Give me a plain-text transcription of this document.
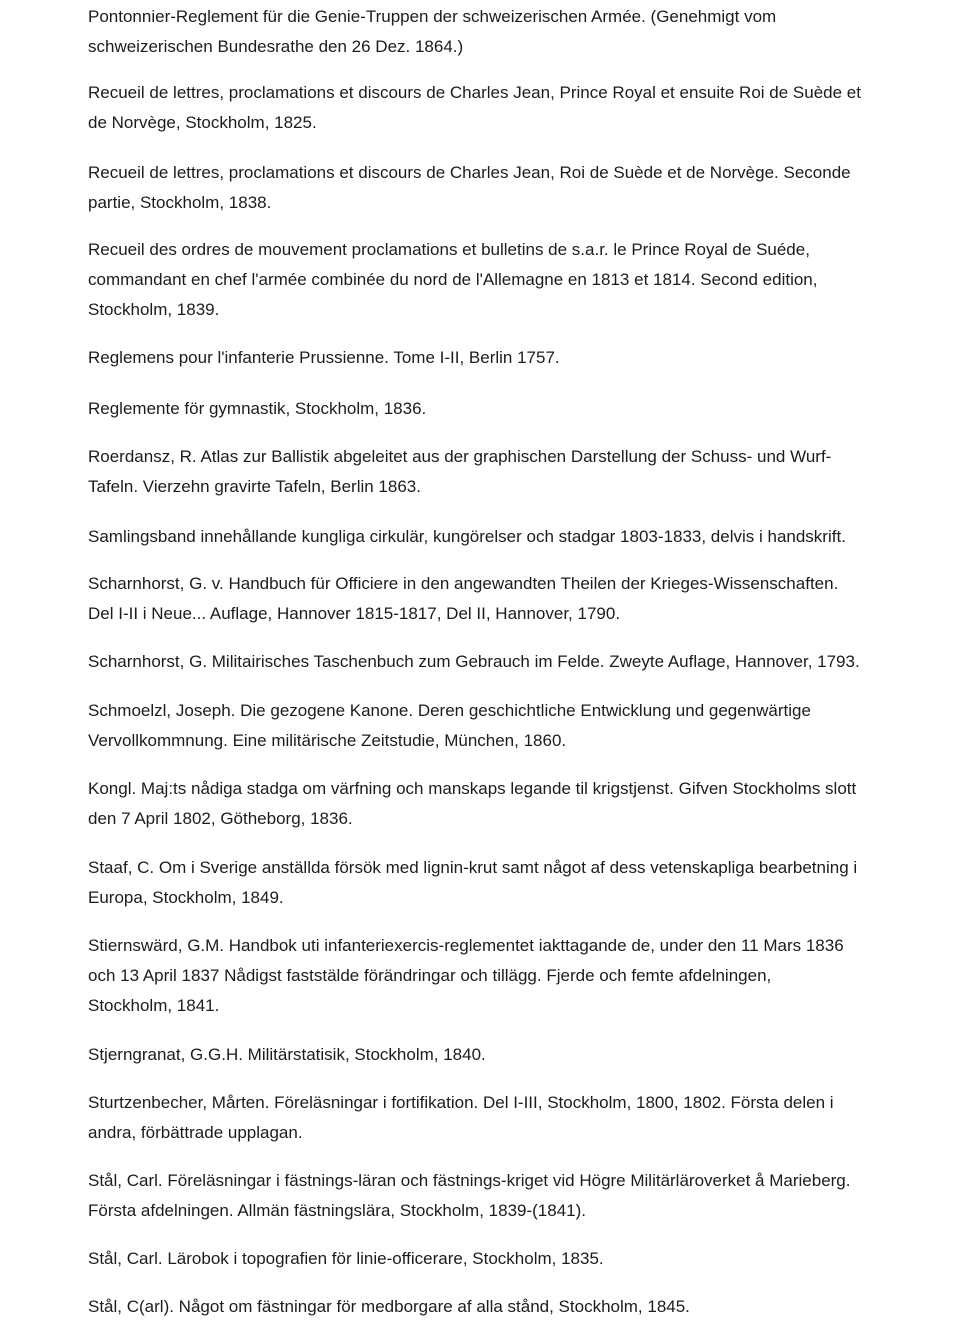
Pontonnier-Reglement für die Genie-Truppen der schweizerischen Armée. (Genehmigt vom
schweizerischen Bundesrathe den 26 Dez. 1864.)
Recueil de lettres, proclamations et discours de Charles Jean, Prince Royal et ensuite Roi de Suède et
de Norvège, Stockholm, 1825.
Recueil de lettres, proclamations et discours de Charles Jean, Roi de Suède et de Norvège. Seconde
partie, Stockholm, 1838.
Recueil des ordres de mouvement proclamations et bulletins de s.a.r. le Prince Royal de Suéde,
commandant en chef l'armée combinée du nord de l'Allemagne en 1813 et 1814. Second edition,
Stockholm, 1839.
Reglemens pour l'infanterie Prussienne. Tome I-II, Berlin 1757.
Reglemente för gymnastik, Stockholm, 1836.
Roerdansz, R. Atlas zur Ballistik abgeleitet aus der graphischen Darstellung der Schuss- und Wurf-
Tafeln. Vierzehn gravirte Tafeln, Berlin 1863.
Samlingsband innehållande kungliga cirkulär, kungörelser och stadgar 1803-1833, delvis i handskrift.
Scharnhorst, G. v. Handbuch für Officiere in den angewandten Theilen der Krieges-Wissenschaften.
Del I-II i Neue... Auflage, Hannover 1815-1817, Del II, Hannover, 1790.
Scharnhorst, G. Militairisches Taschenbuch zum Gebrauch im Felde. Zweyte Auflage, Hannover, 1793.
Schmoelzl, Joseph. Die gezogene Kanone. Deren geschichtliche Entwicklung und gegenwärtige
Vervollkommnung. Eine militärische Zeitstudie, München, 1860.
Kongl. Maj:ts nådiga stadga om värfning och manskaps legande til krigstjenst. Gifven Stockholms slott
den 7 April 1802, Götheborg, 1836.
Staaf, C. Om i Sverige anställda försök med lignin-krut samt något af dess vetenskapliga bearbetning i
Europa, Stockholm, 1849.
Stiernswärd, G.M. Handbok uti infanteriexercis-reglementet iakttagande de, under den 11 Mars 1836
och 13 April 1837 Nådigst faststälde förändringar och tillägg. Fjerde och femte afdelningen,
Stockholm, 1841.
Stjerngranat, G.G.H. Militärstatisik, Stockholm, 1840.
Sturtzenbecher, Mårten. Föreläsningar i fortifikation. Del I-III, Stockholm, 1800, 1802. Första delen i
andra, förbättrade upplagan.
Stål, Carl. Föreläsningar i fästnings-läran och fästnings-kriget vid Högre Militärläroverket å Marieberg.
Första afdelningen. Allmän fästningslära, Stockholm, 1839-(1841).
Stål, Carl. Lärobok i topografien för linie-officerare, Stockholm, 1835.
Stål, C(arl). Något om fästningar för medborgare af alla stånd, Stockholm, 1845.
